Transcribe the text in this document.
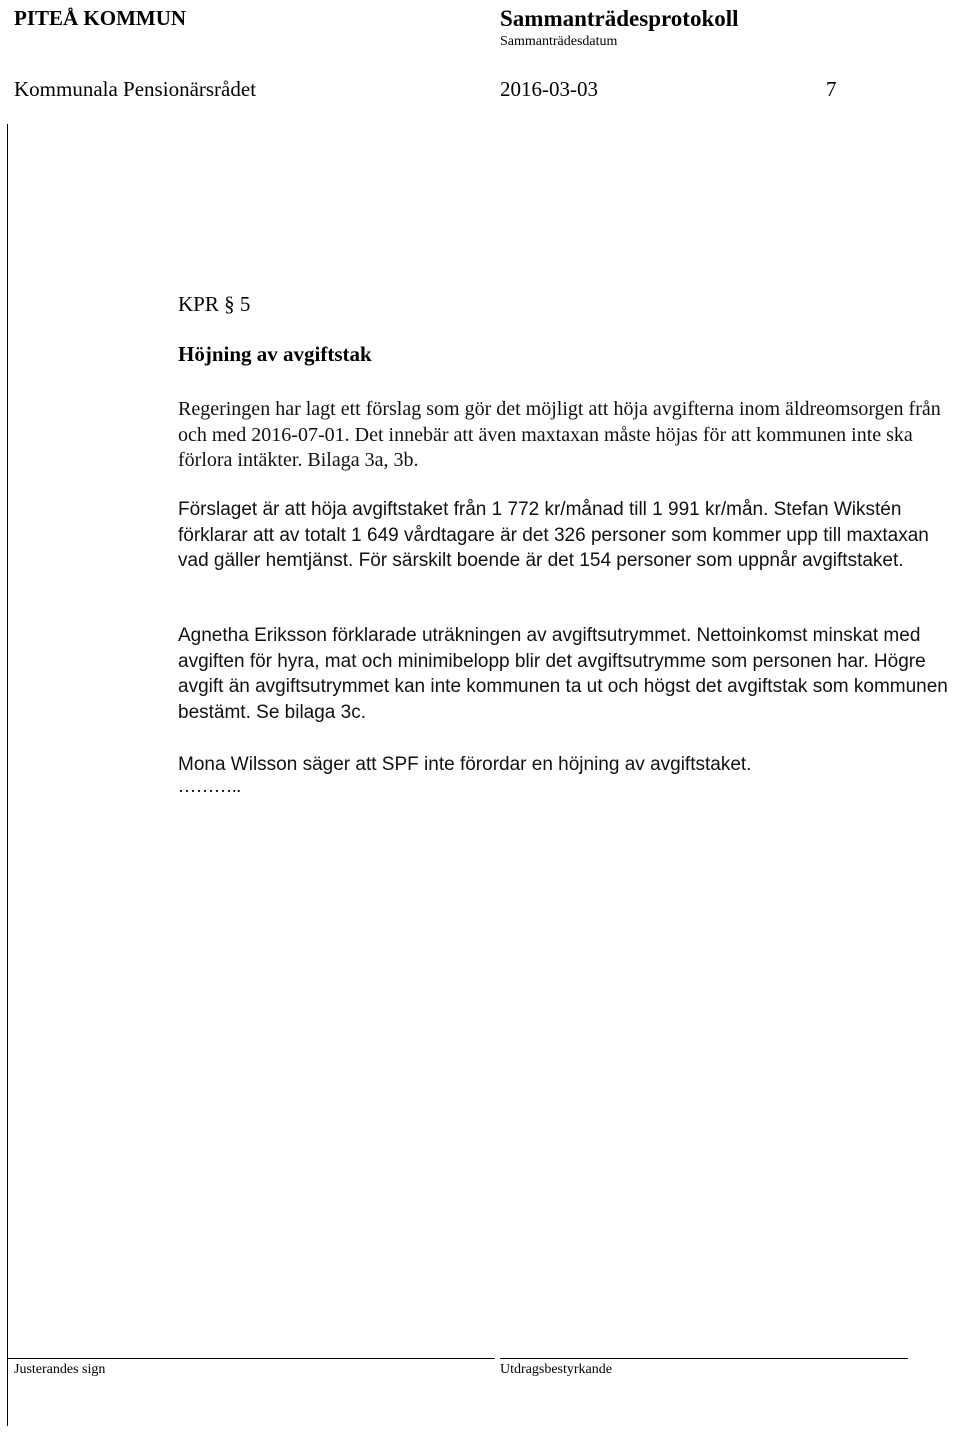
PITEÅ KOMMUN	Sammanträdesprotokoll
Sammanträdesdatum
Kommunala Pensionärsrådet	2016-03-03	7
KPR § 5
Höjning av avgiftstak
Regeringen har lagt ett förslag som gör det möjligt att höja avgifterna inom äldreomsorgen från och med 2016-07-01. Det innebär att även maxtaxan måste höjas för att kommunen inte ska förlora intäkter. Bilaga 3a, 3b.
Förslaget är att höja avgiftstaket från 1 772 kr/månad till 1 991 kr/mån. Stefan Wikstén förklarar att av totalt 1 649 vårdtagare är det 326 personer som kommer upp till maxtaxan vad gäller hemtjänst. För särskilt boende är det 154 personer som uppnår avgiftstaket.
Agnetha Eriksson förklarade uträkningen av avgiftsutrymmet. Nettoinkomst minskat med avgiften för hyra, mat och minimibelopp blir det avgiftsutrymme som personen har. Högre avgift än avgiftsutrymmet kan inte kommunen ta ut och högst det avgiftstak som kommunen bestämt. Se bilaga 3c.
Mona Wilsson säger att SPF inte förordar en höjning av avgiftstaket.
………..
Justerandes sign	Utdragsbestyrkande
